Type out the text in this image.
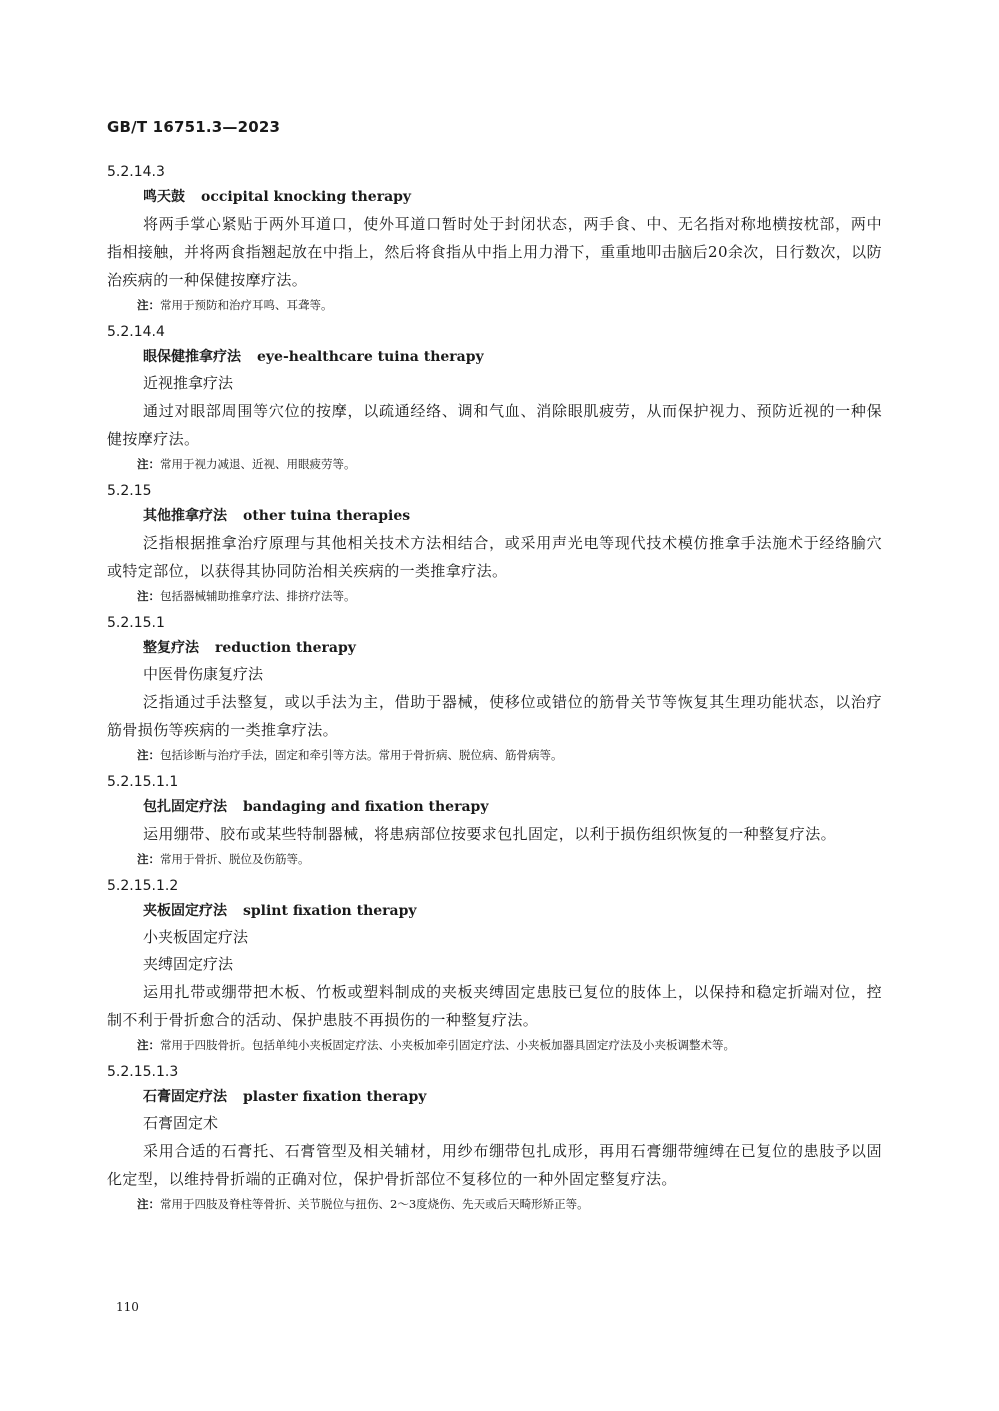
GB/T 16751.3—2023

5.2.14.3

鸣天鼓 occipital knocking therapy

将两手掌心紧贴于两外耳道口，使外耳道口暂时处于封闭状态，两手食、中、无名指对称地横按枕部，两中指相接触，并将两食指翘起放在中指上，然后将食指从中指上用力滑下，重重地叩击脑后20余次，日行数次，以防治疾病的一种保健按摩疗法。

注：常用于预防和治疗耳鸣、耳聋等。

5.2.14.4

眼保健推拿疗法 eye-healthcare tuina therapy

近视推拿疗法

通过对眼部周围等穴位的按摩，以疏通经络、调和气血、消除眼肌疲劳，从而保护视力、预防近视的一种保健按摩疗法。

注：常用于视力减退、近视、用眼疲劳等。

5.2.15

其他推拿疗法 other tuina therapies

泛指根据推拿治疗原理与其他相关技术方法相结合，或采用声光电等现代技术模仿推拿手法施术于经络腧穴或特定部位，以获得其协同防治相关疾病的一类推拿疗法。

注：包括器械辅助推拿疗法、排挤疗法等。

5.2.15.1

整复疗法 reduction therapy

中医骨伤康复疗法

泛指通过手法整复，或以手法为主，借助于器械，使移位或错位的筋骨关节等恢复其生理功能状态，以治疗筋骨损伤等疾病的一类推拿疗法。

注：包括诊断与治疗手法，固定和牵引等方法。常用于骨折病、脱位病、筋骨病等。

5.2.15.1.1

包扎固定疗法 bandaging and fixation therapy

运用绷带、胶布或某些特制器械，将患病部位按要求包扎固定，以利于损伤组织恢复的一种整复疗法。

注：常用于骨折、脱位及伤筋等。

5.2.15.1.2

夹板固定疗法 splint fixation therapy

小夹板固定疗法

夹缚固定疗法

运用扎带或绷带把木板、竹板或塑料制成的夹板夹缚固定患肢已复位的肢体上，以保持和稳定折端对位，控制不利于骨折愈合的活动、保护患肢不再损伤的一种整复疗法。

注：常用于四肢骨折。包括单纯小夹板固定疗法、小夹板加牵引固定疗法、小夹板加器具固定疗法及小夹板调整术等。

5.2.15.1.3

石膏固定疗法 plaster fixation therapy

石膏固定术

采用合适的石膏托、石膏管型及相关辅材，用纱布绷带包扎成形，再用石膏绷带缠缚在已复位的患肢予以固化定型，以维持骨折端的正确对位，保护骨折部位不复移位的一种外固定整复疗法。

注：常用于四肢及脊柱等骨折、关节脱位与扭伤、2～3度烧伤、先天或后天畸形矫正等。

110
